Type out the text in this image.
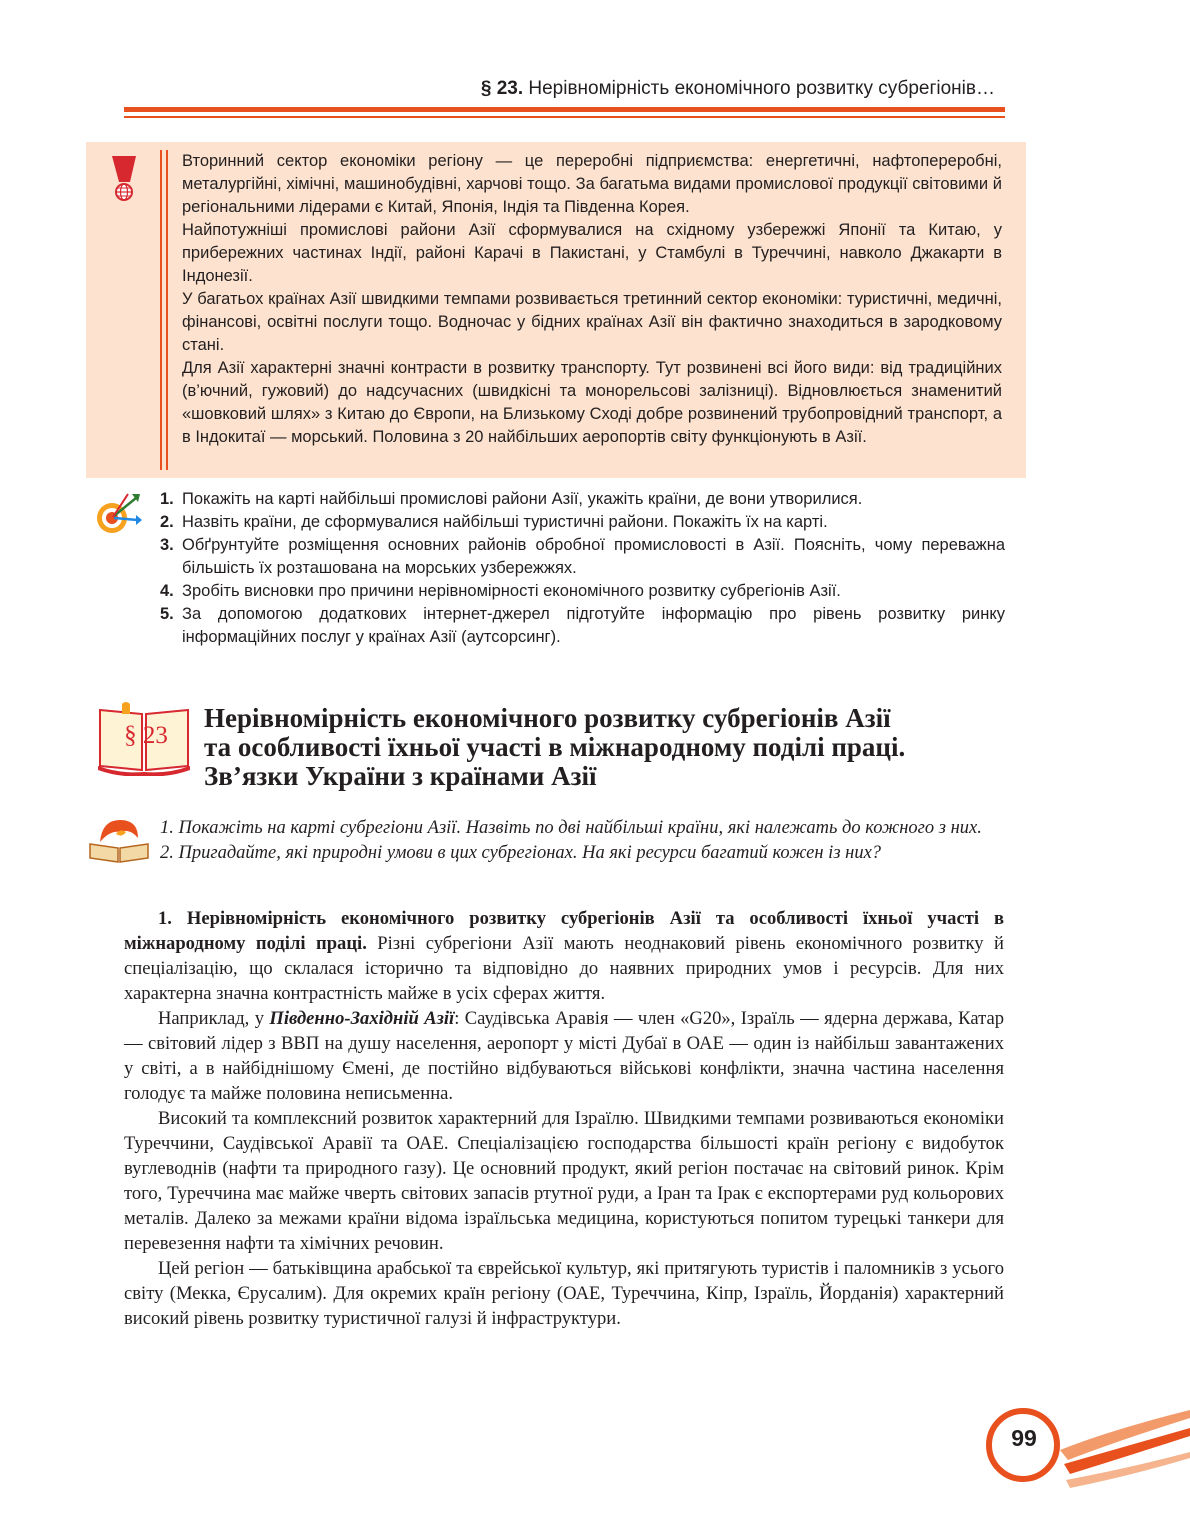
§ 23. Нерівномірність економічного розвитку субрегіонів…

Вторинний сектор економіки регіону — це переробні підприємства: енергетичні, нафтопереробні, металургійні, хімічні, машинобудівні, харчові тощо. За багатьма видами промислової продукції світовими й регіональними лідерами є Китай, Японія, Індія та Південна Корея.

Найпотужніші промислові райони Азії сформувалися на східному узбережжі Японії та Китаю, у прибережних частинах Індії, районі Карачі в Пакистані, у Стамбулі в Туреччині, навколо Джакарти в Індонезії.

У багатьох країнах Азії швидкими темпами розвивається третинний сектор економіки: туристичні, медичні, фінансові, освітні послуги тощо. Водночас у бідних країнах Азії він фактично знаходиться в зародковому стані.

Для Азії характерні значні контрасти в розвитку транспорту. Тут розвинені всі його види: від традиційних (в’ючний, гужовий) до надсучасних (швидкісні та монорельсові залізниці). Відновлюється знаменитий «шовковий шлях» з Китаю до Європи, на Близькому Сході добре розвинений трубопровідний транспорт, а в Індокитаї — морський. Половина з 20 найбільших аеропортів світу функціонують в Азії.

1. Покажіть на карті найбільші промислові райони Азії, укажіть країни, де вони утворилися.
2. Назвіть країни, де сформувалися найбільші туристичні райони. Покажіть їх на карті.
3. Обґрунтуйте розміщення основних районів обробної промисловості в Азії. Поясніть, чому переважна більшість їх розташована на морських узбережжях.
4. Зробіть висновки про причини нерівномірності економічного розвитку субрегіонів Азії.
5. За допомогою додаткових інтернет-джерел підготуйте інформацію про рівень розвитку ринку інформаційних послуг у країнах Азії (аутсорсинг).
§ 23
Нерівномірність економічного розвитку субрегіонів Азії
та особливості їхньої участі в міжнародному поділі праці.
Зв’язки України з країнами Азії

1. Покажіть на карті субрегіони Азії. Назвіть по дві найбільші країни, які належать до кожного з них.

2. Пригадайте, які природні умови в цих субрегіонах. На які ресурси багатий кожен із них?

1. Нерівномірність економічного розвитку субрегіонів Азії та особливості їхньої участі в міжнародному поділі праці. Різні субрегіони Азії мають неоднаковий рівень економічного розвитку й спеціалізацію, що склалася історично та відповідно до наявних природних умов і ресурсів. Для них характерна значна контрастність майже в усіх сферах життя.

Наприклад, у Південно-Західній Азії: Саудівська Аравія — член «G20», Ізраїль — ядерна держава, Катар — світовий лідер з ВВП на душу населення, аеропорт у місті Дубаї в ОАЕ — один із найбільш завантажених у світі, а в найбіднішому Ємені, де постійно відбуваються військові конфлікти, значна частина населення голодує та майже половина неписьменна.

Високий та комплексний розвиток характерний для Ізраїлю. Швидкими темпами розвиваються економіки Туреччини, Саудівської Аравії та ОАЕ. Спеціалізацією господарства більшості країн регіону є видобуток вуглеводнів (нафти та природного газу). Це основний продукт, який регіон постачає на світовий ринок. Крім того, Туреччина має майже чверть світових запасів ртутної руди, а Іран та Ірак є експортерами руд кольорових металів. Далеко за межами країни відома ізраїльська медицина, користуються попитом турецькі танкери для перевезення нафти та хімічних речовин.

Цей регіон — батьківщина арабської та єврейської культур, які притягують туристів і паломників з усього світу (Мекка, Єрусалим). Для окремих країн регіону (ОАЕ, Туреччина, Кіпр, Ізраїль, Йорданія) характерний високий рівень розвитку туристичної галузі й інфраструктури.

99
